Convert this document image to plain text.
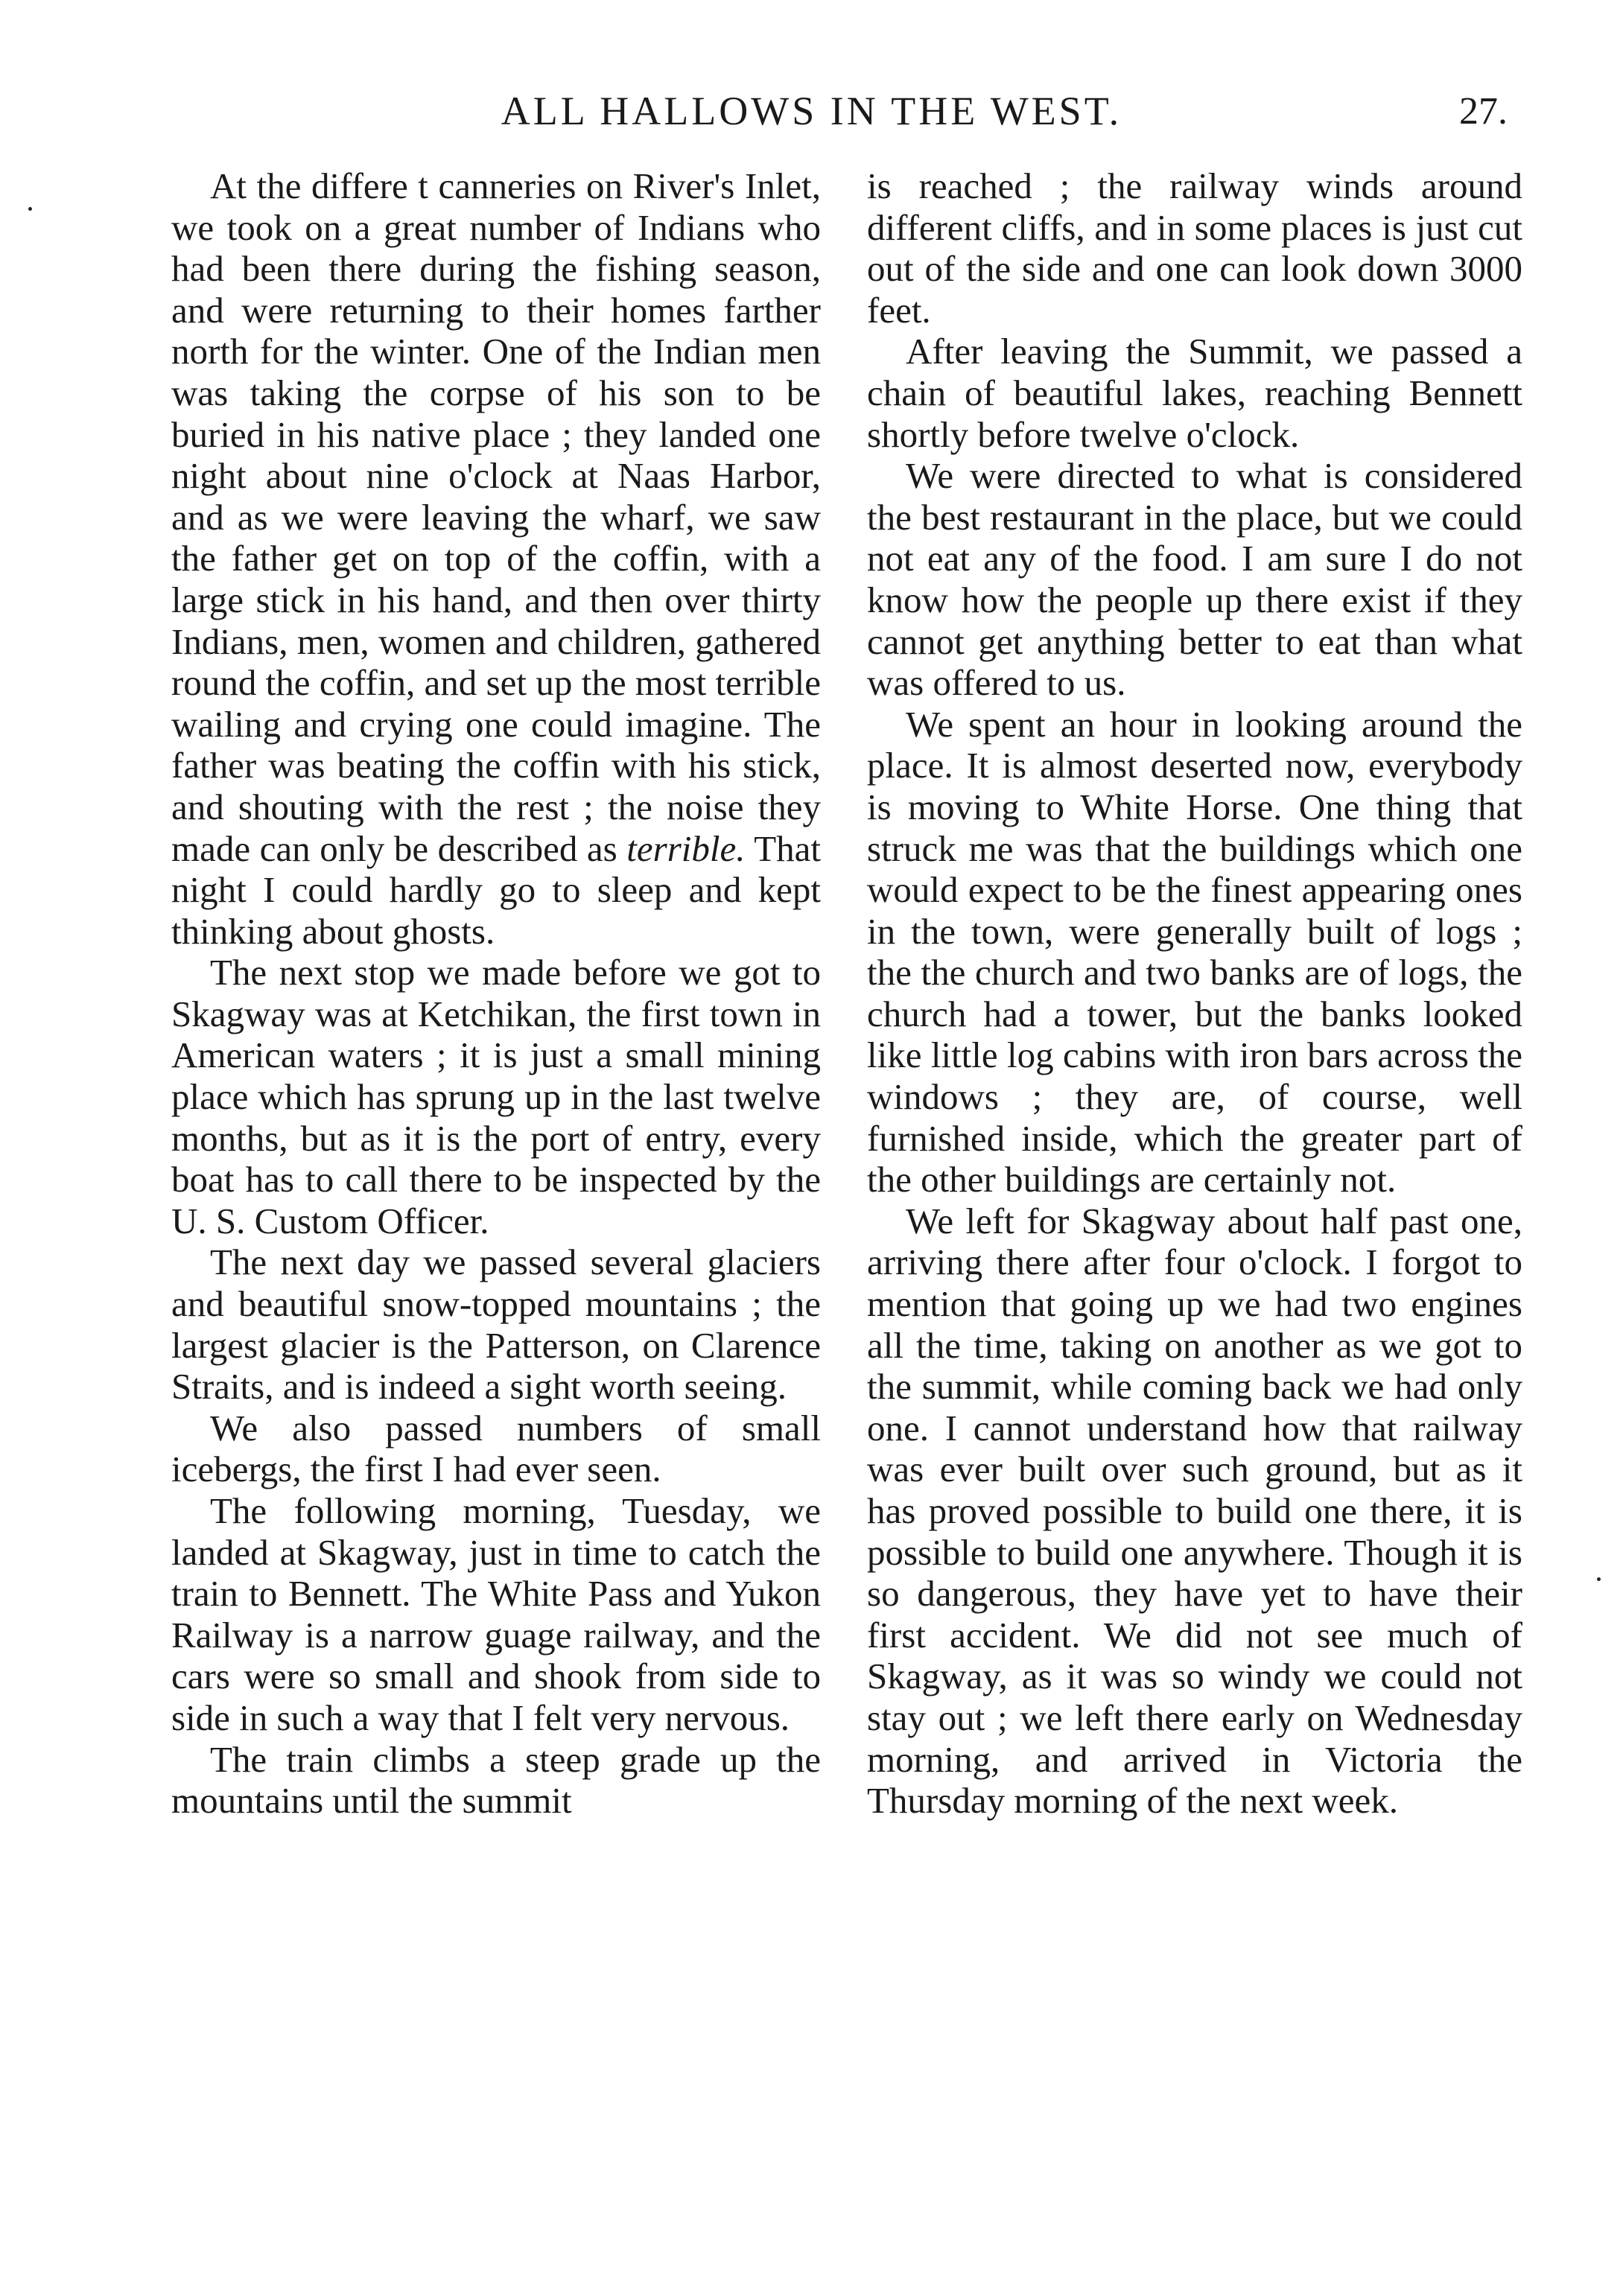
ALL HALLOWS IN THE WEST.	27.

At the differe t canneries on River's Inlet, we took on a great number of Indians who had been there during the fishing season, and were returning to their homes farther north for the winter. One of the Indian men was taking the corpse of his son to be buried in his native place ; they landed one night about nine o'clock at Naas Harbor, and as we were leaving the wharf, we saw the father get on top of the coffin, with a large stick in his hand, and then over thirty Indians, men, women and children, gathered round the coffin, and set up the most terrible wailing and crying one could imagine. The father was beating the coffin with his stick, and shouting with the rest ; the noise they made can only be described as terrible. That night I could hardly go to sleep and kept thinking about ghosts.

The next stop we made before we got to Skagway was at Ketchikan, the first town in American waters ; it is just a small mining place which has sprung up in the last twelve months, but as it is the port of entry, every boat has to call there to be inspected by the U. S. Custom Officer.

The next day we passed several glaciers and beautiful snow-topped mountains ; the largest glacier is the Patterson, on Clarence Straits, and is indeed a sight worth seeing.

We also passed numbers of small icebergs, the first I had ever seen.

The following morning, Tuesday, we landed at Skagway, just in time to catch the train to Bennett. The White Pass and Yukon Railway is a narrow guage railway, and the cars were so small and shook from side to side in such a way that I felt very nervous.

The train climbs a steep grade up the mountains until the summit

is reached ; the railway winds around different cliffs, and in some places is just cut out of the side and one can look down 3000 feet.

After leaving the Summit, we passed a chain of beautiful lakes, reaching Bennett shortly before twelve o'clock.

We were directed to what is considered the best restaurant in the place, but we could not eat any of the food. I am sure I do not know how the people up there exist if they cannot get anything better to eat than what was offered to us.

We spent an hour in looking around the place. It is almost deserted now, everybody is moving to White Horse. One thing that struck me was that the buildings which one would expect to be the finest appearing ones in the town, were generally built of logs ; the the church and two banks are of logs, the church had a tower, but the banks looked like little log cabins with iron bars across the windows ; they are, of course, well furnished inside, which the greater part of the other buildings are certainly not.

We left for Skagway about half past one, arriving there after four o'clock. I forgot to mention that going up we had two engines all the time, taking on another as we got to the summit, while coming back we had only one. I cannot understand how that railway was ever built over such ground, but as it has proved possible to build one there, it is possible to build one anywhere. Though it is so dangerous, they have yet to have their first accident. We did not see much of Skagway, as it was so windy we could not stay out ; we left there early on Wednesday morning, and arrived in Victoria the Thursday morning of the next week.
